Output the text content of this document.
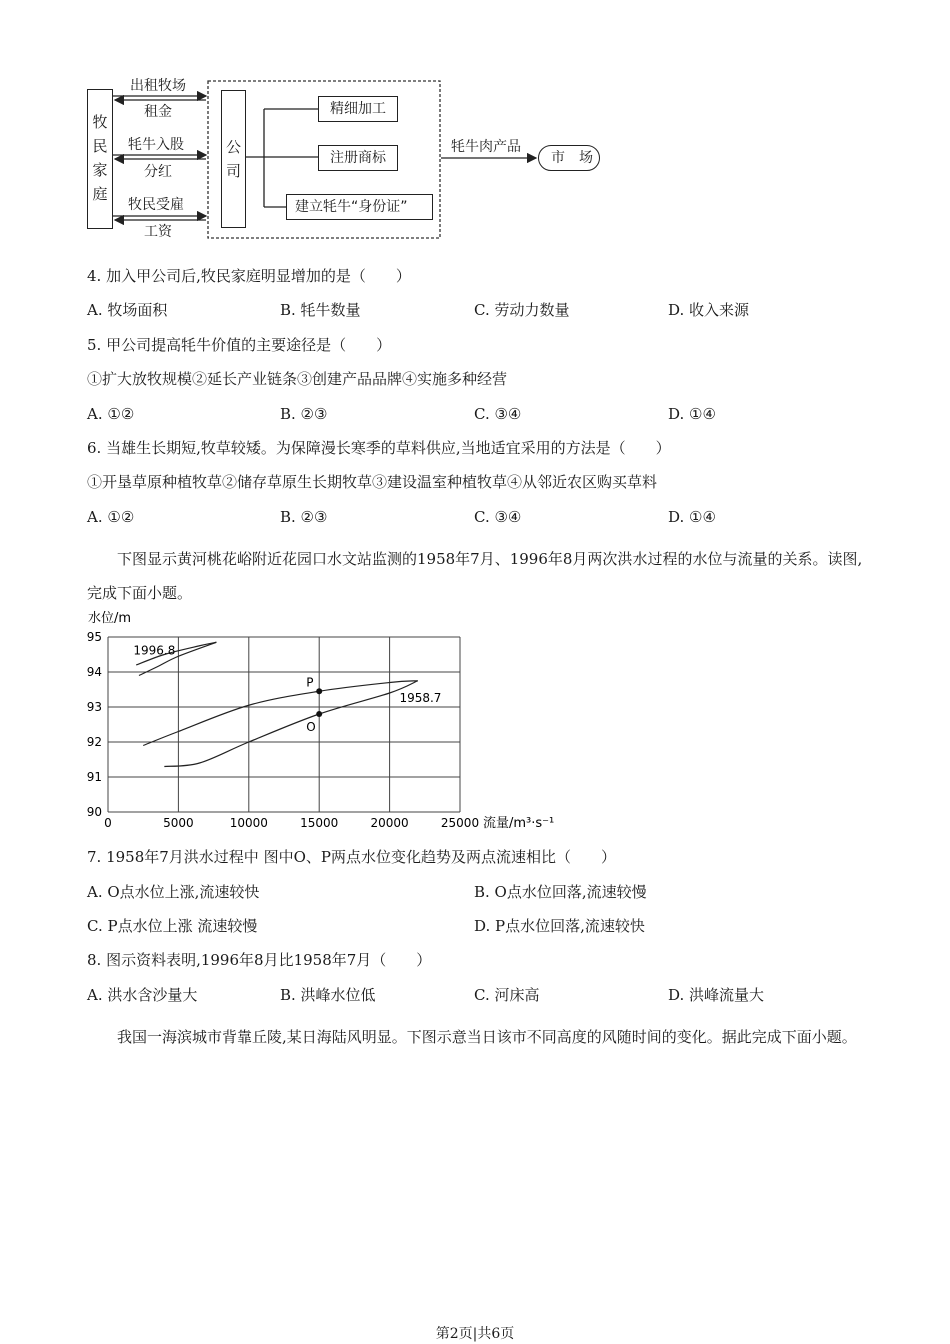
牧民家庭
公司
出租牧场
租金
牦牛入股
分红
牧民受雇
工资
精细加工
注册商标
建立牦牛“身份证”
牦牛肉产品
市　场
4. 加入甲公司后,牧民家庭明显增加的是（　　）
A. 牧场面积	B. 牦牛数量	C. 劳动力数量	D. 收入来源
5. 甲公司提高牦牛价值的主要途径是（　　）
①扩大放牧规模②延长产业链条③创建产品品牌④实施多种经营
A. ①②	B. ②③	C. ③④	D. ①④
6. 当雄生长期短,牧草较矮。为保障漫长寒季的草料供应,当地适宜采用的方法是（　　）
①开垦草原种植牧草②储存草原生长期牧草③建设温室种植牧草④从邻近农区购买草料
A. ①②	B. ②③	C. ③④	D. ①④
下图显示黄河桃花峪附近花园口水文站监测的1958年7月、1996年8月两次洪水过程的水位与流量的关系。读图,完成下面小题。
1958.7
1996.8
P
O
0	5000	10000	15000	20000	25000
90
91
92
93
94
95
水位/m
流量/m³·s⁻¹
7. 1958年7月洪水过程中 图中O、P两点水位变化趋势及两点流速相比（　　）
A. O点水位上涨,流速较快	B. O点水位回落,流速较慢
C. P点水位上涨 流速较慢	D. P点水位回落,流速较快
8. 图示资料表明,1996年8月比1958年7月（　　）
A. 洪水含沙量大	B. 洪峰水位低	C. 河床高	D. 洪峰流量大
我国一海滨城市背靠丘陵,某日海陆风明显。下图示意当日该市不同高度的风随时间的变化。据此完成下面小题。
第2页|共6页
